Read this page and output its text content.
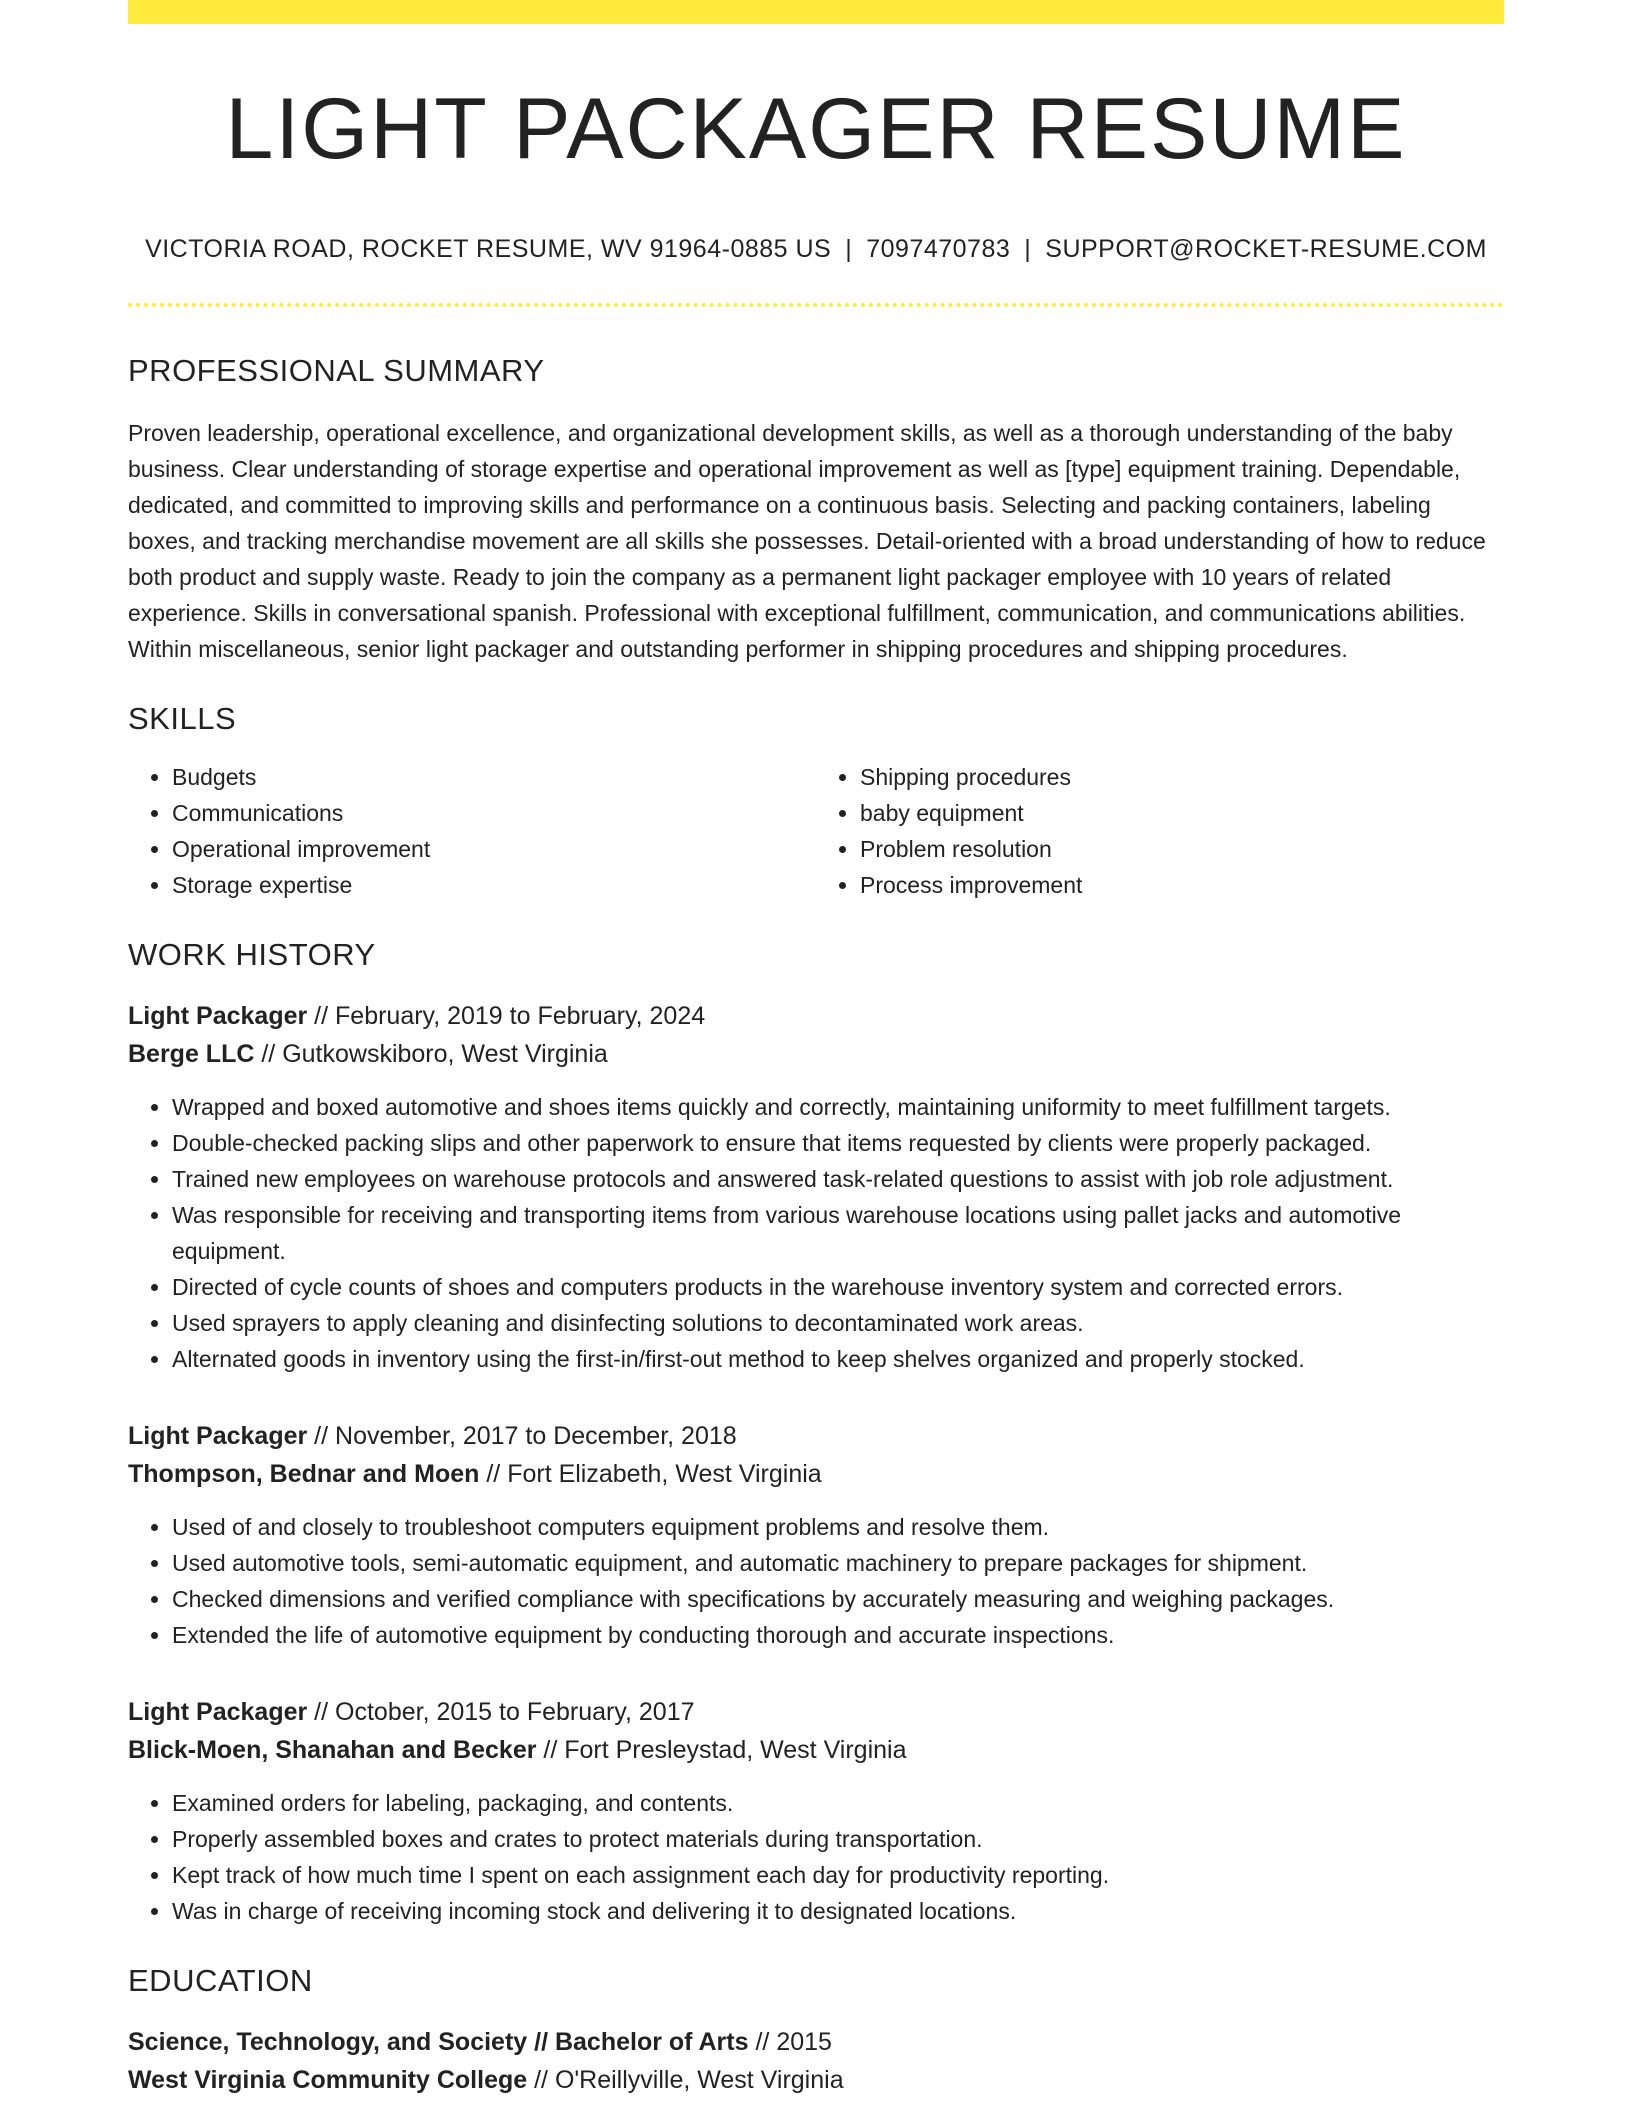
LIGHT PACKAGER RESUME
VICTORIA ROAD, ROCKET RESUME, WV 91964-0885 US | 7097470783 | SUPPORT@ROCKET-RESUME.COM
PROFESSIONAL SUMMARY
Proven leadership, operational excellence, and organizational development skills, as well as a thorough understanding of the baby business. Clear understanding of storage expertise and operational improvement as well as [type] equipment training. Dependable, dedicated, and committed to improving skills and performance on a continuous basis. Selecting and packing containers, labeling boxes, and tracking merchandise movement are all skills she possesses. Detail-oriented with a broad understanding of how to reduce both product and supply waste. Ready to join the company as a permanent light packager employee with 10 years of related experience. Skills in conversational spanish. Professional with exceptional fulfillment, communication, and communications abilities. Within miscellaneous, senior light packager and outstanding performer in shipping procedures and shipping procedures.
SKILLS
• Budgets
• Communications
• Operational improvement
• Storage expertise
• Shipping procedures
• baby equipment
• Problem resolution
• Process improvement
WORK HISTORY
Light Packager // February, 2019 to February, 2024
Berge LLC // Gutkowskiboro, West Virginia
• Wrapped and boxed automotive and shoes items quickly and correctly, maintaining uniformity to meet fulfillment targets.
• Double-checked packing slips and other paperwork to ensure that items requested by clients were properly packaged.
• Trained new employees on warehouse protocols and answered task-related questions to assist with job role adjustment.
• Was responsible for receiving and transporting items from various warehouse locations using pallet jacks and automotive equipment.
• Directed of cycle counts of shoes and computers products in the warehouse inventory system and corrected errors.
• Used sprayers to apply cleaning and disinfecting solutions to decontaminated work areas.
• Alternated goods in inventory using the first-in/first-out method to keep shelves organized and properly stocked.
Light Packager // November, 2017 to December, 2018
Thompson, Bednar and Moen // Fort Elizabeth, West Virginia
• Used of and closely to troubleshoot computers equipment problems and resolve them.
• Used automotive tools, semi-automatic equipment, and automatic machinery to prepare packages for shipment.
• Checked dimensions and verified compliance with specifications by accurately measuring and weighing packages.
• Extended the life of automotive equipment by conducting thorough and accurate inspections.
Light Packager // October, 2015 to February, 2017
Blick-Moen, Shanahan and Becker // Fort Presleystad, West Virginia
• Examined orders for labeling, packaging, and contents.
• Properly assembled boxes and crates to protect materials during transportation.
• Kept track of how much time I spent on each assignment each day for productivity reporting.
• Was in charge of receiving incoming stock and delivering it to designated locations.
EDUCATION
Science, Technology, and Society // Bachelor of Arts // 2015
West Virginia Community College // O'Reillyville, West Virginia
